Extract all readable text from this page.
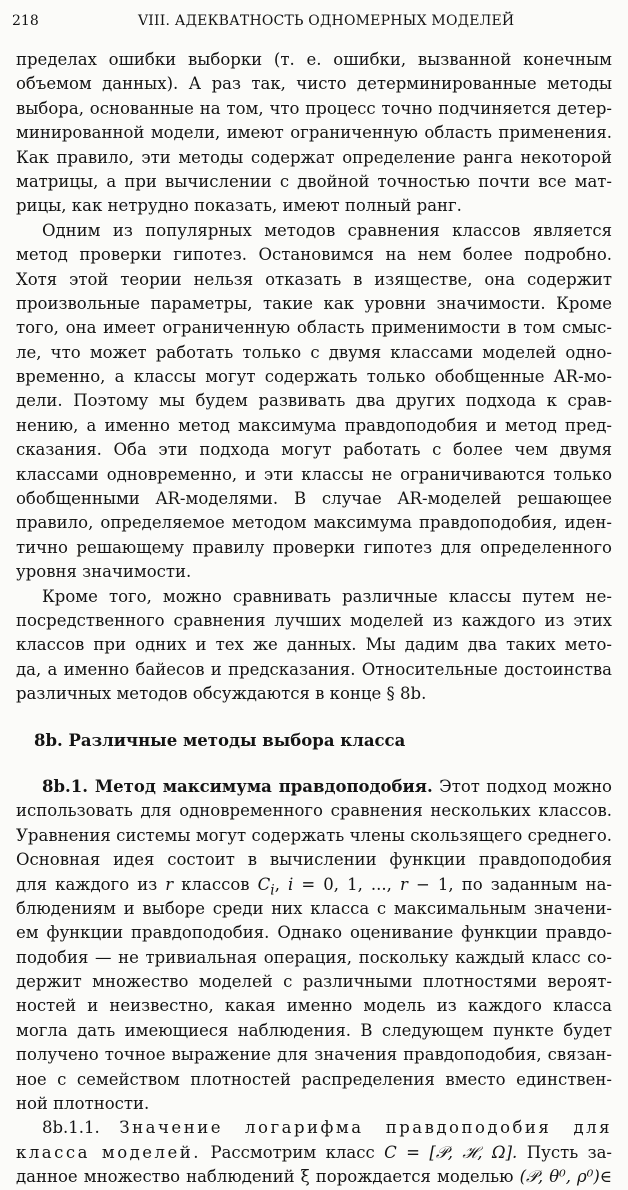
218	VIII. АДЕКВАТНОСТЬ ОДНОМЕРНЫХ МОДЕЛЕЙ
пределах ошибки выборки (т. е. ошибки, вызванной конечным
объемом данных). А раз так, чисто детерминированные методы
выбора, основанные на том, что процесс точно подчиняется детер-
минированной модели, имеют ограниченную область применения.
Как правило, эти методы содержат определение ранга некоторой
матрицы, а при вычислении с двойной точностью почти все мат-
рицы, как нетрудно показать, имеют полный ранг.
Одним из популярных методов сравнения классов является
метод проверки гипотез. Остановимся на нем более подробно.
Хотя этой теории нельзя отказать в изяществе, она содержит
произвольные параметры, такие как уровни значимости. Кроме
того, она имеет ограниченную область применимости в том смыс-
ле, что может работать только с двумя классами моделей одно-
временно, а классы могут содержать только обобщенные AR-мо-
дели. Поэтому мы будем развивать два других подхода к срав-
нению, а именно метод максимума правдоподобия и метод пред-
сказания. Оба эти подхода могут работать с более чем двумя
классами одновременно, и эти классы не ограничиваются только
обобщенными AR-моделями. В случае AR-моделей решающее
правило, определяемое методом максимума правдоподобия, иден-
тично решающему правилу проверки гипотез для определенного
уровня значимости.
Кроме того, можно сравнивать различные классы путем не-
посредственного сравнения лучших моделей из каждого из этих
классов при одних и тех же данных. Мы дадим два таких мето-
да, а именно байесов и предсказания. Относительные достоинства
различных методов обсуждаются в конце § 8b.
8b. Различные методы выбора класса
8b.1. Метод максимума правдоподобия. Этот подход можно
использовать для одновременного сравнения нескольких классов.
Уравнения системы могут содержать члены скользящего среднего.
Основная идея состоит в вычислении функции правдоподобия
для каждого из r классов $C_i$, i = 0, 1, ..., r − 1, по заданным на-
блюдениям и выборе среди них класса с максимальным значени-
ем функции правдоподобия. Однако оценивание функции правдо-
подобия — не тривиальная операция, поскольку каждый класс со-
держит множество моделей с различными плотностями вероят-
ностей и неизвестно, какая именно модель из каждого класса
могла дать имеющиеся наблюдения. В следующем пункте будет
получено точное выражение для значения правдоподобия, связан-
ное с семейством плотностей распределения вместо единствен-
ной плотности.
8b.1.1. Значение логарифма правдоподобия для
класса моделей. Рассмотрим класс C = [𝒫, ℋ, Ω]. Пусть за-
данное множество наблюдений ξ порождается моделью (𝒫, θ⁰, ρ⁰)∈
